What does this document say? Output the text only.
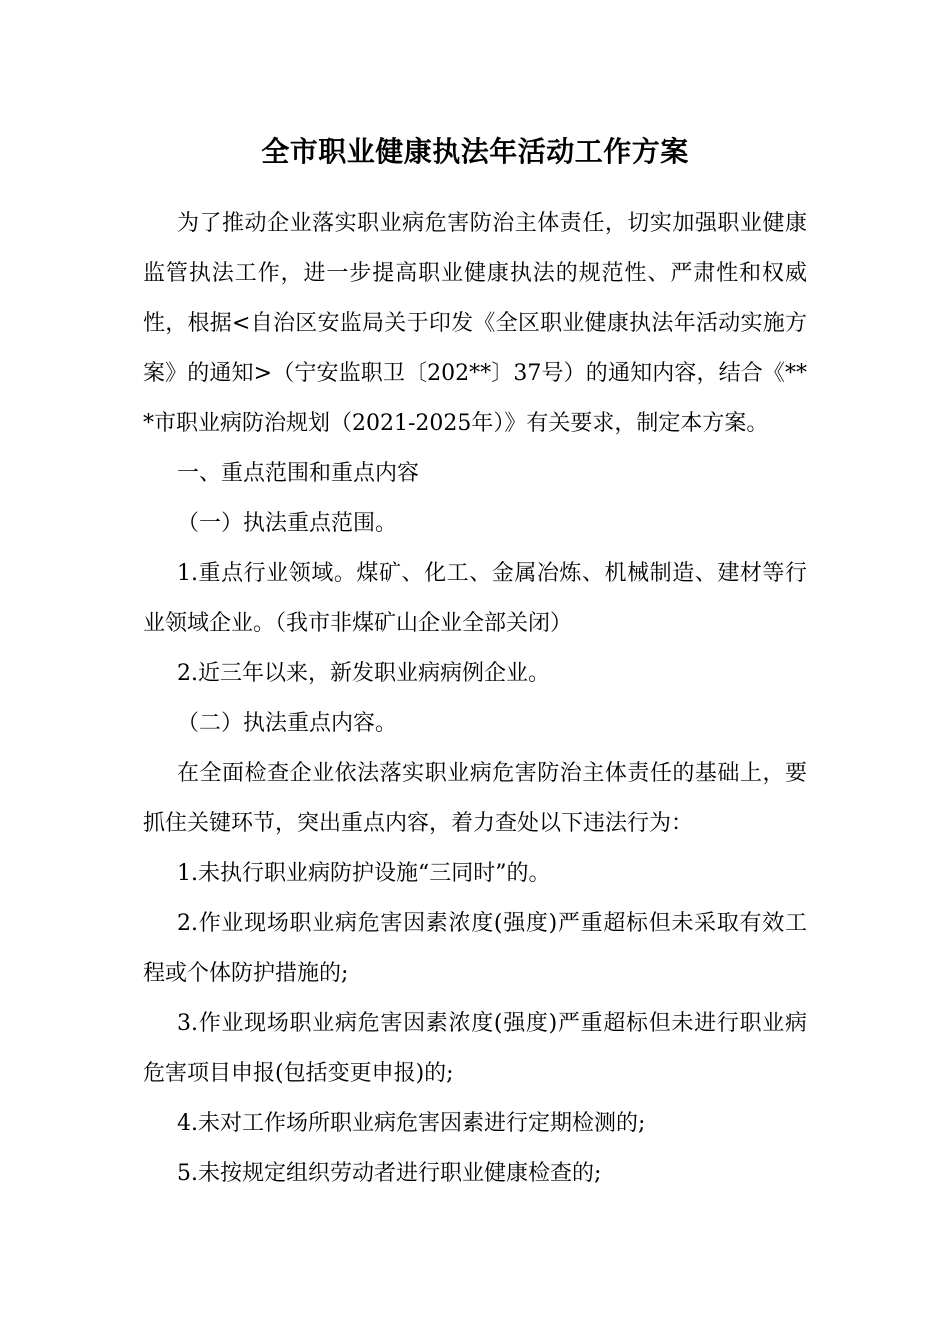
全市职业健康执法年活动工作方案

为了推动企业落实职业病危害防治主体责任，切实加强职业健康监管执法工作，进一步提高职业健康执法的规范性、严肃性和权威性，根据<自治区安监局关于印发《全区职业健康执法年活动实施方案》的通知>（宁安监职卫〔202**〕37号）的通知内容，结合《***市职业病防治规划（2021-2025年）》有关要求，制定本方案。

一、重点范围和重点内容

（一）执法重点范围。

1.重点行业领域。煤矿、化工、金属冶炼、机械制造、建材等行业领域企业。（我市非煤矿山企业全部关闭）

2.近三年以来，新发职业病病例企业。

（二）执法重点内容。

在全面检查企业依法落实职业病危害防治主体责任的基础上，要抓住关键环节，突出重点内容，着力查处以下违法行为：

1.未执行职业病防护设施“三同时”的。

2.作业现场职业病危害因素浓度(强度)严重超标但未采取有效工程或个体防护措施的;

3.作业现场职业病危害因素浓度(强度)严重超标但未进行职业病危害项目申报(包括变更申报)的;

4.未对工作场所职业病危害因素进行定期检测的;

5.未按规定组织劳动者进行职业健康检查的;
